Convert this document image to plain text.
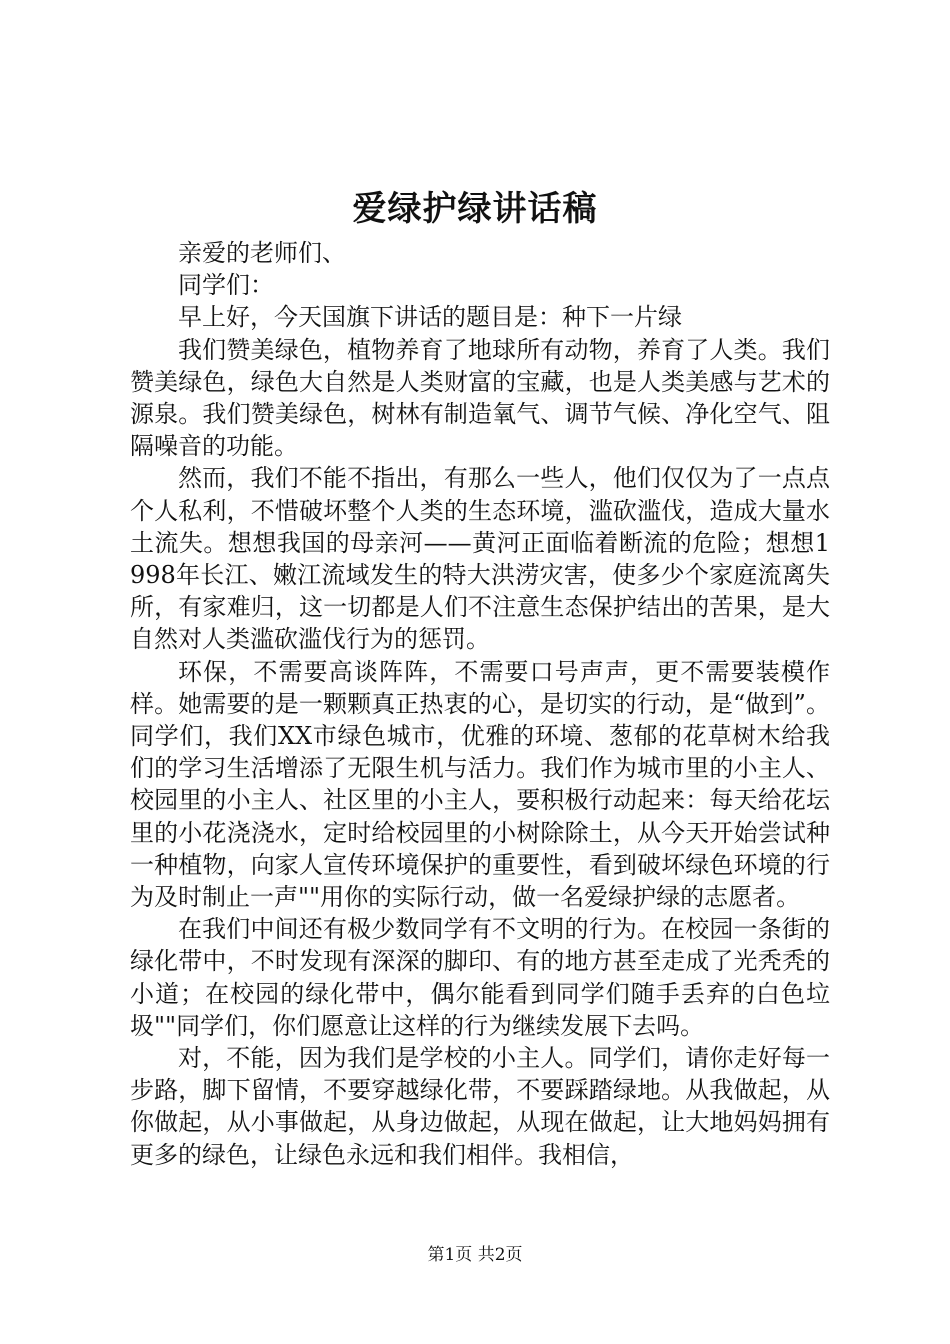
爱绿护绿讲话稿

亲爱的老师们、

同学们：

早上好，今天国旗下讲话的题目是：种下一片绿

我们赞美绿色，植物养育了地球所有动物，养育了人类。我们赞美绿色，绿色大自然是人类财富的宝藏，也是人类美感与艺术的源泉。我们赞美绿色，树林有制造氧气、调节气候、净化空气、阻隔噪音的功能。

然而，我们不能不指出，有那么一些人，他们仅仅为了一点点个人私利，不惜破坏整个人类的生态环境，滥砍滥伐，造成大量水土流失。想想我国的母亲河——黄河正面临着断流的危险；想想1998年长江、嫩江流域发生的特大洪涝灾害，使多少个家庭流离失所，有家难归，这一切都是人们不注意生态保护结出的苦果，是大自然对人类滥砍滥伐行为的惩罚。

环保，不需要高谈阵阵，不需要口号声声，更不需要装模作样。她需要的是一颗颗真正热衷的心，是切实的行动，是“做到”。同学们，我们XX市绿色城市，优雅的环境、葱郁的花草树木给我们的学习生活增添了无限生机与活力。我们作为城市里的小主人、校园里的小主人、社区里的小主人，要积极行动起来：每天给花坛里的小花浇浇水，定时给校园里的小树除除土，从今天开始尝试种一种植物，向家人宣传环境保护的重要性，看到破坏绿色环境的行为及时制止一声""用你的实际行动，做一名爱绿护绿的志愿者。

在我们中间还有极少数同学有不文明的行为。在校园一条街的绿化带中，不时发现有深深的脚印、有的地方甚至走成了光秃秃的小道；在校园的绿化带中，偶尔能看到同学们随手丢弃的白色垃圾""同学们，你们愿意让这样的行为继续发展下去吗。

对，不能，因为我们是学校的小主人。同学们，请你走好每一步路，脚下留情，不要穿越绿化带，不要踩踏绿地。从我做起，从你做起，从小事做起，从身边做起，从现在做起，让大地妈妈拥有更多的绿色，让绿色永远和我们相伴。我相信，

第1页 共2页
